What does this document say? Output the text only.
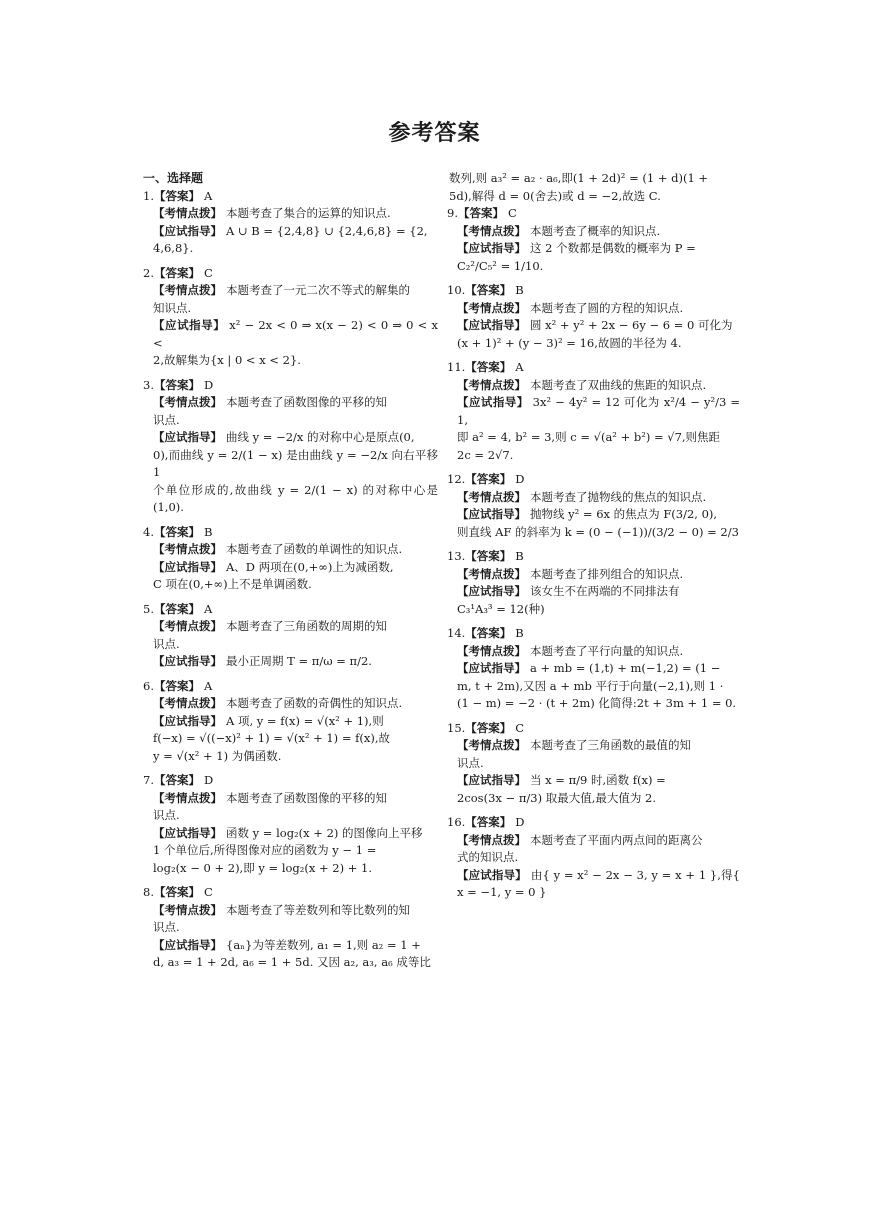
参考答案
一、选择题
1.【答案】 A
【考情点拨】 本题考查了集合的运算的知识点.
【应试指导】 A ∪ B = {2,4,8} ∪ {2,4,6,8} = {2,
4,6,8}.
2.【答案】 C
【考情点拨】 本题考查了一元二次不等式的解集的
知识点.
【应试指导】 x² − 2x < 0 ⇒ x(x − 2) < 0 ⇒ 0 < x <
2,故解集为{x | 0 < x < 2}.
3.【答案】 D
【考情点拨】 本题考查了函数图像的平移的知
识点.
【应试指导】 曲线 y = −2/x 的对称中心是原点(0,
0),而曲线 y = 2/(1 − x) 是由曲线 y = −2/x 向右平移 1
个单位形成的,故曲线 y = 2/(1 − x) 的对称中心是(1,0).
4.【答案】 B
【考情点拨】 本题考查了函数的单调性的知识点.
【应试指导】 A、D 两项在(0,+∞)上为减函数,
C 项在(0,+∞)上不是单调函数.
5.【答案】 A
【考情点拨】 本题考查了三角函数的周期的知
识点.
【应试指导】 最小正周期 T = π/ω = π/2.
6.【答案】 A
【考情点拨】 本题考查了函数的奇偶性的知识点.
【应试指导】 A 项, y = f(x) = √(x² + 1),则
f(−x) = √((−x)² + 1) = √(x² + 1) = f(x),故
y = √(x² + 1) 为偶函数.
7.【答案】 D
【考情点拨】 本题考查了函数图像的平移的知
识点.
【应试指导】 函数 y = log₂(x + 2) 的图像向上平移
1 个单位后,所得图像对应的函数为 y − 1 =
log₂(x − 0 + 2),即 y = log₂(x + 2) + 1.
8.【答案】 C
【考情点拨】 本题考查了等差数列和等比数列的知
识点.
【应试指导】 {aₙ}为等差数列, a₁ = 1,则 a₂ = 1 +
d, a₃ = 1 + 2d, a₆ = 1 + 5d. 又因 a₂, a₃, a₆ 成等比
数列,则 a₃² = a₂ · a₆,即(1 + 2d)² = (1 + d)(1 +
5d),解得 d = 0(舍去)或 d = −2,故选 C.
9.【答案】 C
【考情点拨】 本题考查了概率的知识点.
【应试指导】 这 2 个数都是偶数的概率为 P =
C₂²/C₅² = 1/10.
10.【答案】 B
【考情点拨】 本题考查了圆的方程的知识点.
【应试指导】 圆 x² + y² + 2x − 6y − 6 = 0 可化为
(x + 1)² + (y − 3)² = 16,故圆的半径为 4.
11.【答案】 A
【考情点拨】 本题考查了双曲线的焦距的知识点.
【应试指导】 3x² − 4y² = 12 可化为 x²/4 − y²/3 = 1,
即 a² = 4, b² = 3,则 c = √(a² + b²) = √7,则焦距
2c = 2√7.
12.【答案】 D
【考情点拨】 本题考查了抛物线的焦点的知识点.
【应试指导】 抛物线 y² = 6x 的焦点为 F(3/2, 0),
则直线 AF 的斜率为 k = (0 − (−1))/(3/2 − 0) = 2/3
13.【答案】 B
【考情点拨】 本题考查了排列组合的知识点.
【应试指导】 该女生不在两端的不同排法有
C₃¹A₃³ = 12(种)
14.【答案】 B
【考情点拨】 本题考查了平行向量的知识点.
【应试指导】 a + mb = (1,t) + m(−1,2) = (1 −
m, t + 2m),又因 a + mb 平行于向量(−2,1),则 1 ·
(1 − m) = −2 · (t + 2m) 化简得:2t + 3m + 1 = 0.
15.【答案】 C
【考情点拨】 本题考查了三角函数的最值的知
识点.
【应试指导】 当 x = π/9 时,函数 f(x) =
2cos(3x − π/3) 取最大值,最大值为 2.
16.【答案】 D
【考情点拨】 本题考查了平面内两点间的距离公
式的知识点.
【应试指导】 由{ y = x² − 2x − 3, y = x + 1 },得{ x = −1, y = 0 }
